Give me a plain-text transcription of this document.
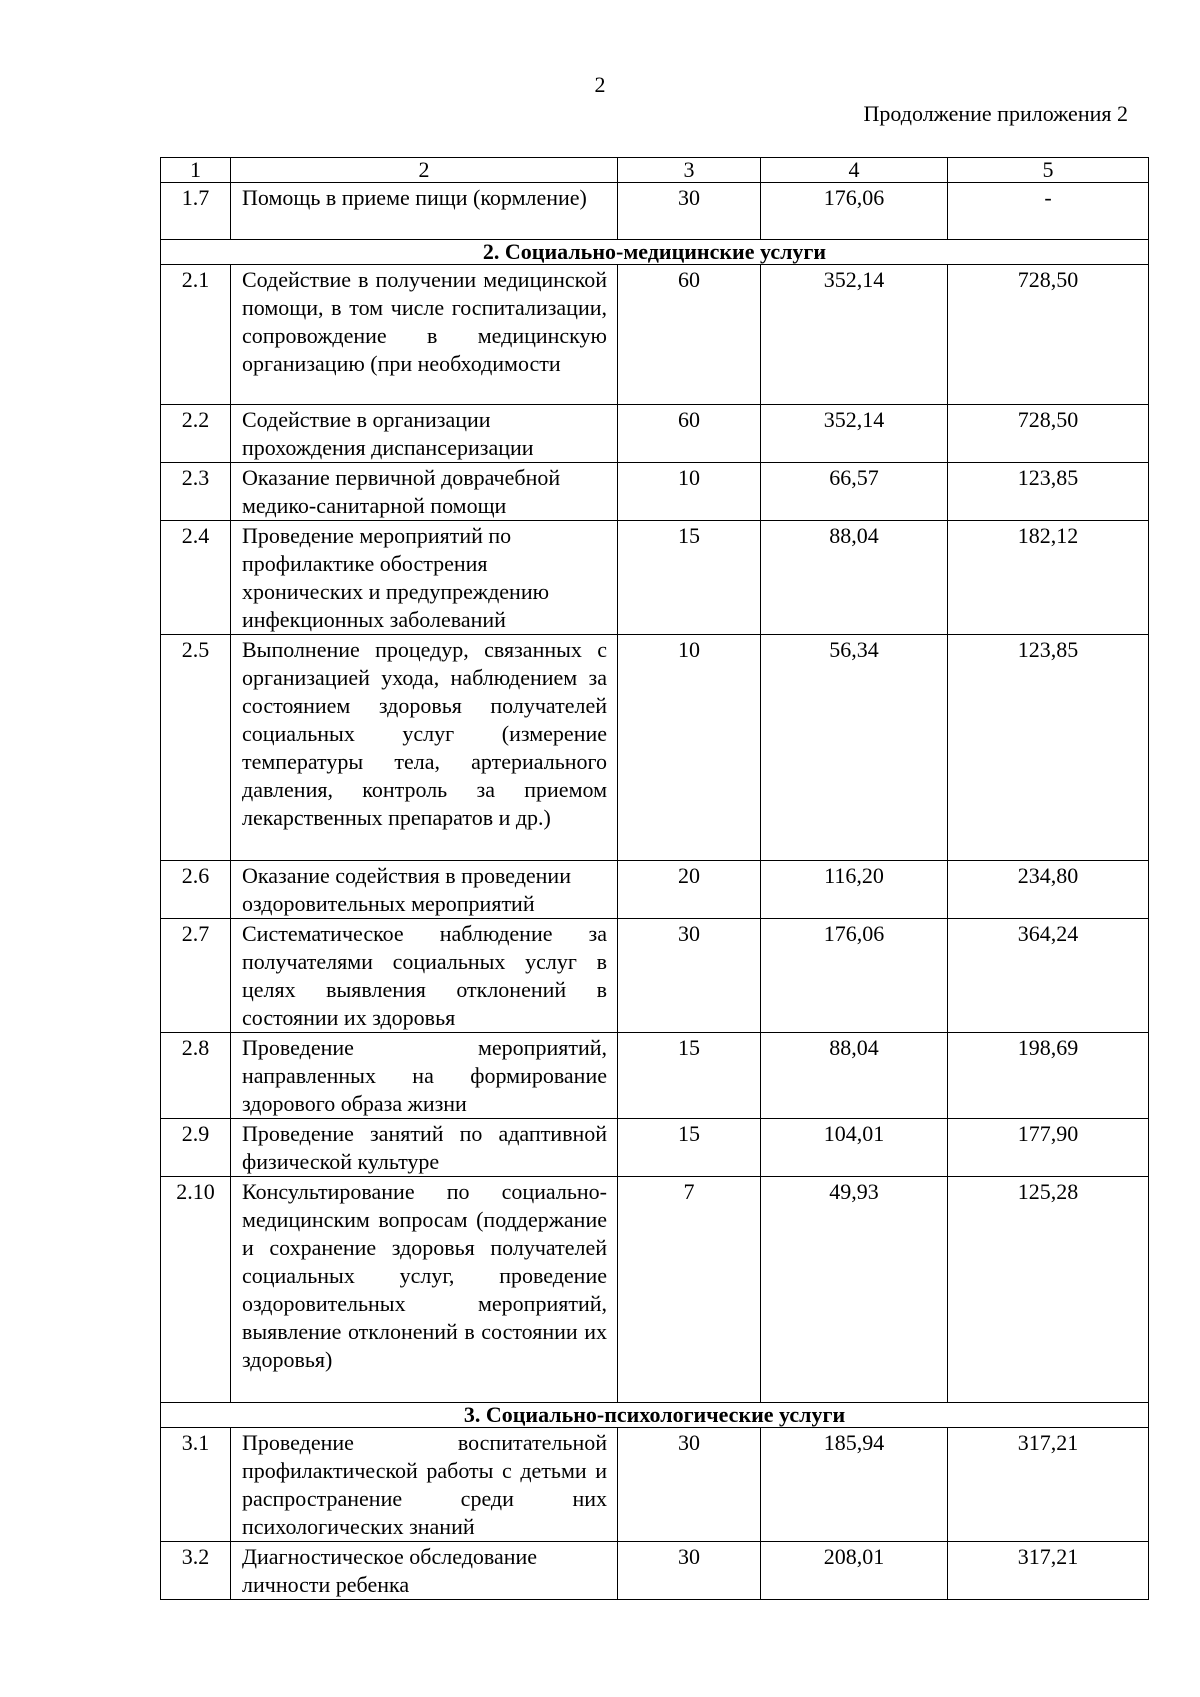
2
Продолжение приложения 2
1	2	3	4	5
1.7	Помощь в приеме пищи (кормление)	30	176,06	-
2. Социально-медицинские услуги				
2.1	Содействие в получении медицинской помощи, в том числе госпитализации, сопровождение в медицинскую организацию (при необходимости	60	352,14	728,50
2.2	Содействие в организации прохождения диспансеризации	60	352,14	728,50
2.3	Оказание первичной доврачебной медико-санитарной помощи	10	66,57	123,85
2.4	Проведение мероприятий по профилактике обострения хронических и предупреждению инфекционных заболеваний	15	88,04	182,12
2.5	Выполнение процедур, связанных с организацией ухода, наблюдением за состоянием здоровья получателей социальных услуг (измерение температуры тела, артериального давления, контроль за приемом лекарственных препаратов и др.)	10	56,34	123,85
2.6	Оказание содействия в проведении оздоровительных мероприятий	20	116,20	234,80
2.7	Систематическое наблюдение за получателями социальных услуг в целях выявления отклонений в состоянии их здоровья	30	176,06	364,24
2.8	Проведение мероприятий, направленных на формирование здорового образа жизни	15	88,04	198,69
2.9	Проведение занятий по адаптивной физической культуре	15	104,01	177,90
2.10	Консультирование по социально-медицинским вопросам (поддержание и сохранение здоровья получателей социальных услуг, проведение оздоровительных мероприятий, выявление отклонений в состоянии их здоровья)	7	49,93	125,28
3. Социально-психологические услуги				
3.1	Проведение воспитательной профилактической работы с детьми и распространение среди них психологических знаний	30	185,94	317,21
3.2	Диагностическое обследование личности ребенка	30	208,01	317,21
